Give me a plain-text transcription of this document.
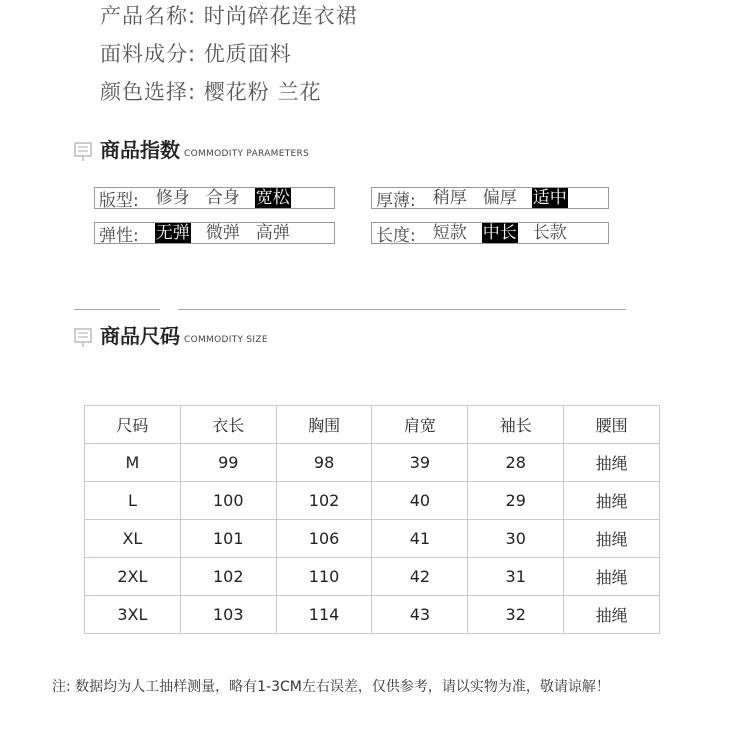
产品名称: 时尚碎花连衣裙
面料成分: 优质面料
颜色选择: 樱花粉 兰花
商品指数 COMMODITY PARAMETERS
版型: 修身 合身 宽松	厚薄: 稍厚 偏厚 适中
弹性: 无弹 微弹 高弹	长度: 短款 中长 长款
商品尺码 COMMODITY SIZE
尺码	衣长	胸围	肩宽	袖长	腰围
M	99	98	39	28	抽绳
L	100	102	40	29	抽绳
XL	101	106	41	30	抽绳
2XL	102	110	42	31	抽绳
3XL	103	114	43	32	抽绳
注: 数据均为人工抽样测量，略有1-3CM左右误差，仅供参考，请以实物为准，敬请谅解！
